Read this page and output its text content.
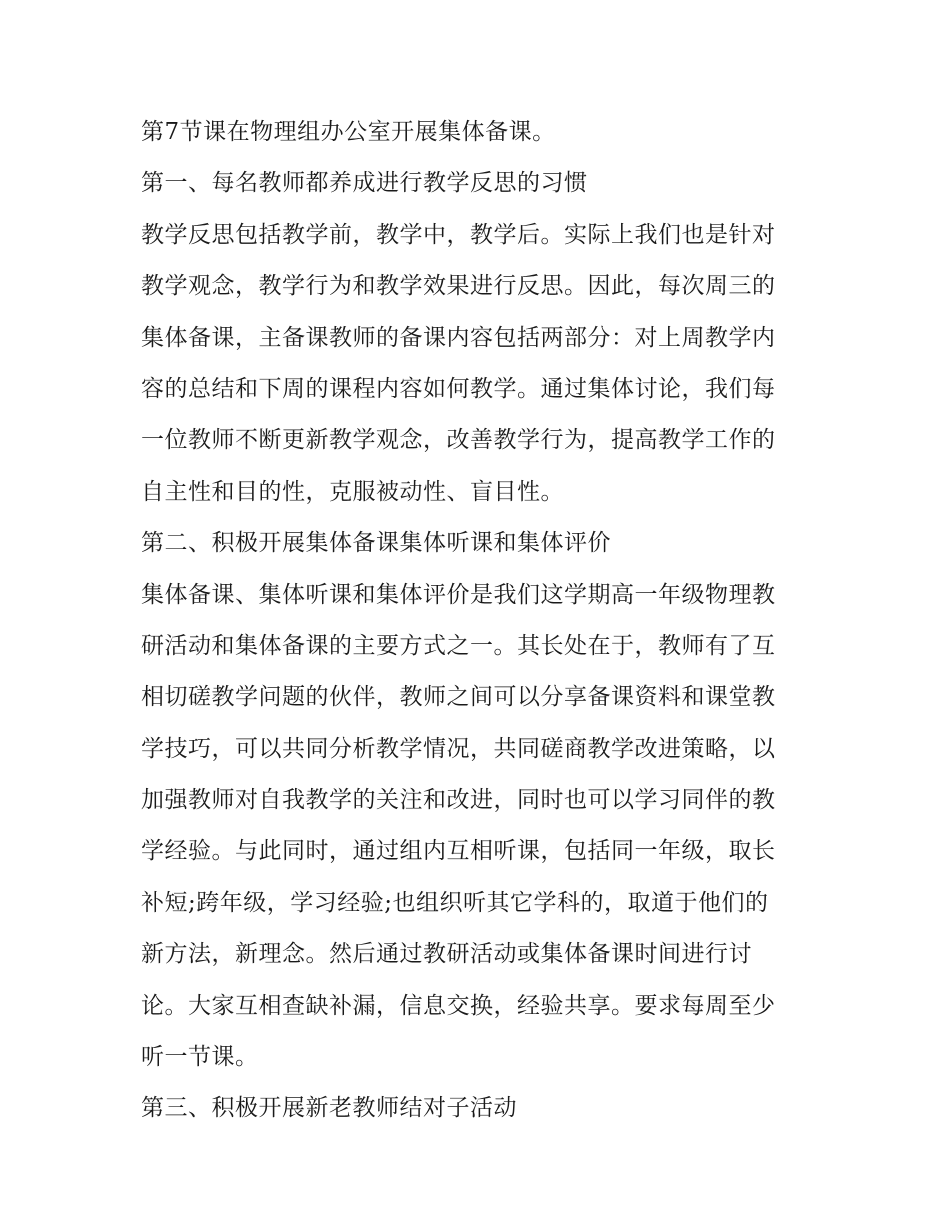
第7节课在物理组办公室开展集体备课。
第一、每名教师都养成进行教学反思的习惯
教学反思包括教学前，教学中，教学后。实际上我们也是针对
教学观念，教学行为和教学效果进行反思。因此，每次周三的
集体备课，主备课教师的备课内容包括两部分：对上周教学内
容的总结和下周的课程内容如何教学。通过集体讨论，我们每
一位教师不断更新教学观念，改善教学行为，提高教学工作的
自主性和目的性，克服被动性、盲目性。
第二、积极开展集体备课集体听课和集体评价
集体备课、集体听课和集体评价是我们这学期高一年级物理教
研活动和集体备课的主要方式之一。其长处在于，教师有了互
相切磋教学问题的伙伴，教师之间可以分享备课资料和课堂教
学技巧，可以共同分析教学情况，共同磋商教学改进策略，以
加强教师对自我教学的关注和改进，同时也可以学习同伴的教
学经验。与此同时，通过组内互相听课，包括同一年级，取长
补短;跨年级，学习经验;也组织听其它学科的，取道于他们的
新方法，新理念。然后通过教研活动或集体备课时间进行讨
论。大家互相查缺补漏，信息交换，经验共享。要求每周至少
听一节课。
第三、积极开展新老教师结对子活动
